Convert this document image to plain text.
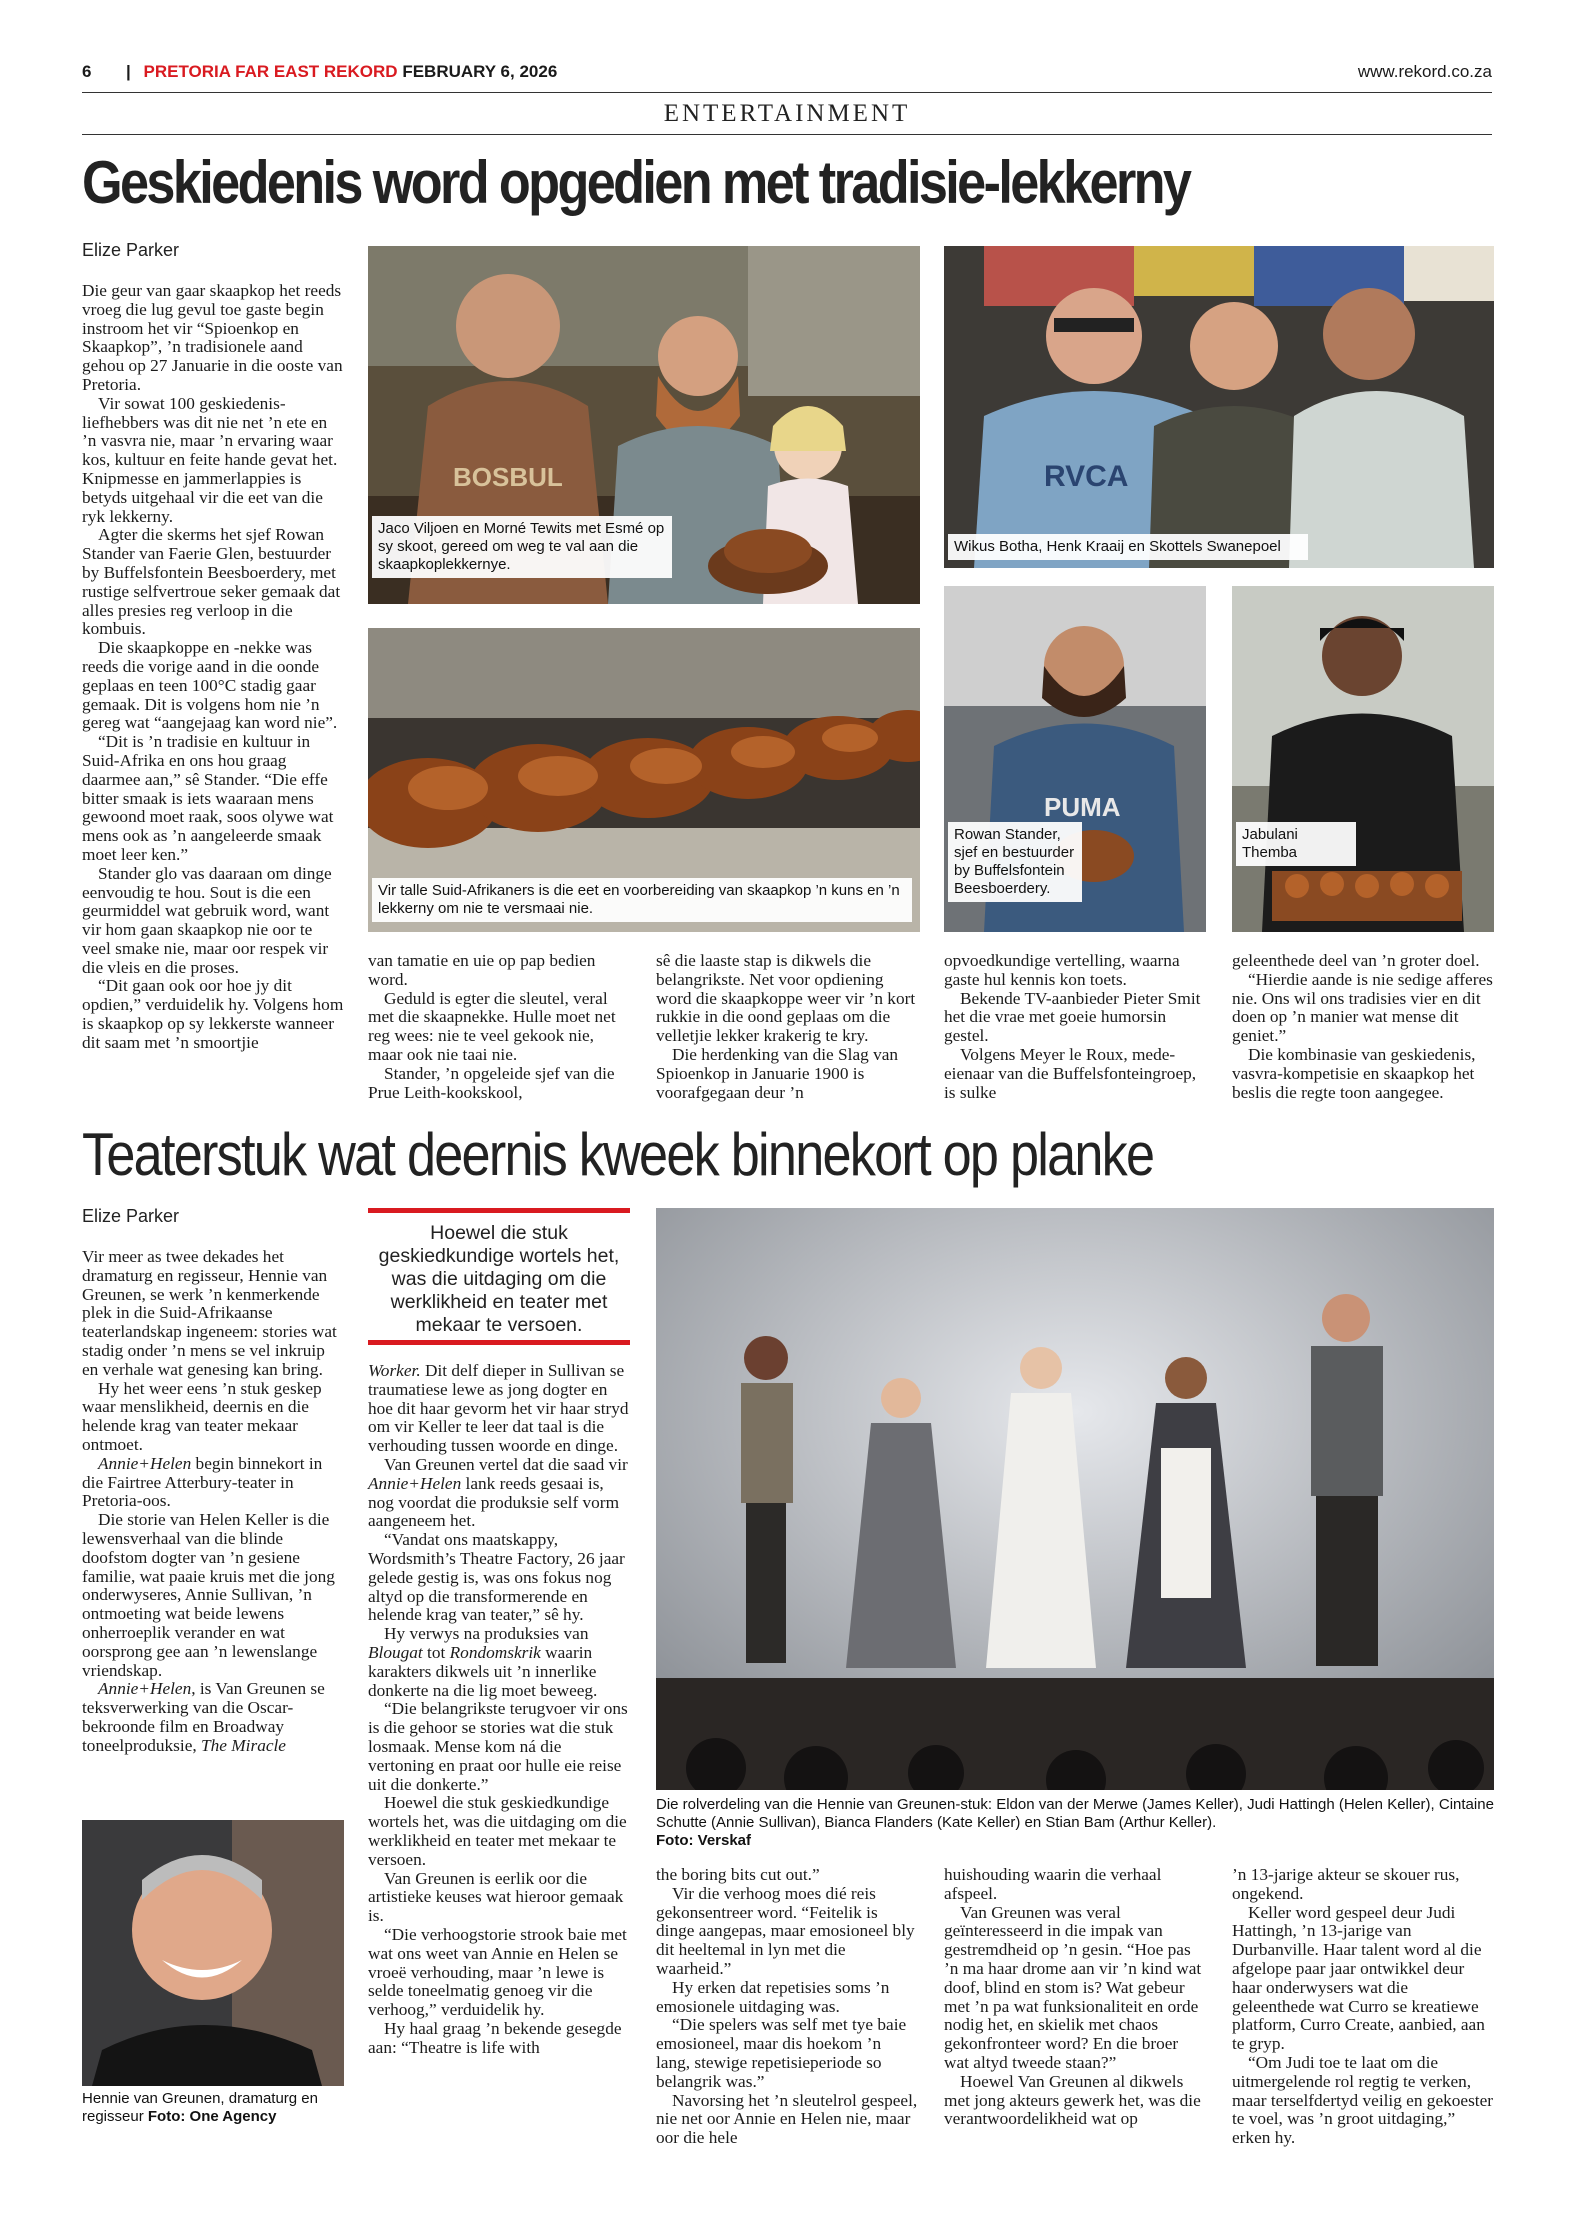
6 | PRETORIA FAR EAST REKORD FEBRUARY 6, 2026	www.rekord.co.za
ENTERTAINMENT
Geskiedenis word opgedien met tradisie-lekkerny
Elize Parker

Die geur van gaar skaapkop het reeds vroeg die lug gevul toe gaste begin instroom het vir “Spioenkop en Skaapkop”, ’n tradisionele aand gehou op 27 Januarie in die ooste van Pretoria.

Vir sowat 100 geskiedenis-liefhebbers was dit nie net ’n ete en ’n vasvra nie, maar ’n ervaring waar kos, kultuur en feite hande gevat het. Knipmesse en jammerlappies is betyds uitgehaal vir die eet van die ryk lekkerny.

Agter die skerms het sjef Rowan Stander van Faerie Glen, bestuurder by Buffelsfontein Beesboerdery, met rustige selfvertroue seker gemaak dat alles presies reg verloop in die kombuis.

Die skaapkoppe en -nekke was reeds die vorige aand in die oonde geplaas en teen 100°C stadig gaar gemaak. Dit is volgens hom nie ’n gereg wat “aangejaag kan word nie”.

“Dit is ’n tradisie en kultuur in Suid-Afrika en ons hou graag daarmee aan,” sê Stander. “Die effe bitter smaak is iets waaraan mens gewoond moet raak, soos olywe wat mens ook as ’n aangeleerde smaak moet leer ken.”

Stander glo vas daaraan om dinge eenvoudig te hou. Sout is die een geurmiddel wat gebruik word, want vir hom gaan skaapkop nie oor te veel smake nie, maar oor respek vir die vleis en die proses.

“Dit gaan ook oor hoe jy dit opdien,” verduidelik hy. Volgens hom is skaapkop op sy lekkerste wanneer dit saam met ’n smoortjie

van tamatie en uie op pap bedien word.

Geduld is egter die sleutel, veral met die skaapnekke. Hulle moet net reg wees: nie te veel gekook nie, maar ook nie taai nie.

Stander, ’n opgeleide sjef van die Prue Leith-kookskool,

sê die laaste stap is dikwels die belangrikste. Net voor opdiening word die skaapkoppe weer vir ’n kort rukkie in die oond geplaas om die velletjie lekker krakerig te kry.

Die herdenking van die Slag van Spioenkop in Januarie 1900 is voorafgegaan deur ’n

opvoedkundige vertelling, waarna gaste hul kennis kon toets.

Bekende TV-aanbieder Pieter Smit het die vrae met goeie humorsin gestel.

Volgens Meyer le Roux, mede-eienaar van die Buffelsfonteingroep, is sulke

geleenthede deel van ’n groter doel.

“Hierdie aande is nie sedige afferes nie. Ons wil ons tradisies vier en dit doen op ’n manier wat mense dit geniet.”

Die kombinasie van geskiedenis, vasvra-kompetisie en skaapkop het beslis die regte toon aangegee.

BOSBUL
Jaco Viljoen en Morné Tewits met Esmé op sy skoot, gereed om weg te val aan die skaapkoplekkernye.
RVCA
Wikus Botha, Henk Kraaij en Skottels Swanepoel
Vir talle Suid-Afrikaners is die eet en voorbereiding van skaapkop ’n kuns en ’n lekkerny om nie te versmaai nie.
PUMA
Rowan Stander, sjef en bestuurder by Buffelsfontein Beesboerdery.
Jabulani Themba
Teaterstuk wat deernis kweek binnekort op planke
Elize Parker

Vir meer as twee dekades het dramaturg en regisseur, Hennie van Greunen, se werk ’n kenmerkende plek in die Suid-Afrikaanse teaterlandskap ingeneem: stories wat stadig onder ’n mens se vel inkruip en verhale wat genesing kan bring.

Hy het weer eens ’n stuk geskep waar menslikheid, deernis en die helende krag van teater mekaar ontmoet.

Annie+Helen begin binnekort in die Fairtree Atterbury-teater in Pretoria-oos.

Die storie van Helen Keller is die lewensverhaal van die blinde doofstom dogter van ’n gesiene familie, wat paaie kruis met die jong onderwyseres, Annie Sullivan, ’n ontmoeting wat beide lewens onherroeplik verander en wat oorsprong gee aan ’n lewenslange vriendskap.

Annie+Helen, is Van Greunen se teksverwerking van die Oscar-bekroonde film en Broadway toneelproduksie, The Miracle

Hennie van Greunen, dramaturg en regisseur Foto: One Agency
Hoewel die stuk geskiedkundige wortels het, was die uitdaging om die werklikheid en teater met mekaar te versoen.

Worker. Dit delf dieper in Sullivan se traumatiese lewe as jong dogter en hoe dit haar gevorm het vir haar stryd om vir Keller te leer dat taal is die verhouding tussen woorde en dinge.

Van Greunen vertel dat die saad vir Annie+Helen lank reeds gesaai is, nog voordat die produksie self vorm aangeneem het.

“Vandat ons maatskappy, Wordsmith’s Theatre Factory, 26 jaar gelede gestig is, was ons fokus nog altyd op die transformerende en helende krag van teater,” sê hy.

Hy verwys na produksies van Blougat tot Rondomskrik waarin karakters dikwels uit ’n innerlike donkerte na die lig moet beweeg.

“Die belangrikste terugvoer vir ons is die gehoor se stories wat die stuk losmaak. Mense kom ná die vertoning en praat oor hulle eie reise uit die donkerte.”

Hoewel die stuk geskiedkundige wortels het, was die uitdaging om die werklikheid en teater met mekaar te versoen.

Van Greunen is eerlik oor die artistieke keuses wat hieroor gemaak is.

“Die verhoogstorie strook baie met wat ons weet van Annie en Helen se vroeë verhouding, maar ’n lewe is selde toneelmatig genoeg vir die verhoog,” verduidelik hy.

Hy haal graag ’n bekende gesegde aan: “Theatre is life with

Die rolverdeling van die Hennie van Greunen-stuk: Eldon van der Merwe (James Keller), Judi Hattingh (Helen Keller), Cintaine Schutte (Annie Sullivan), Bianca Flanders (Kate Keller) en Stian Bam (Arthur Keller).
Foto: Verskaf

the boring bits cut out.”

Vir die verhoog moes dié reis gekonsentreer word. “Feitelik is dinge aangepas, maar emosioneel bly dit heeltemal in lyn met die waarheid.”

Hy erken dat repetisies soms ’n emosionele uitdaging was.

“Die spelers was self met tye baie emosioneel, maar dis hoekom ’n lang, stewige repetisieperiode so belangrik was.”

Navorsing het ’n sleutelrol gespeel, nie net oor Annie en Helen nie, maar oor die hele

huishouding waarin die verhaal afspeel.

Van Greunen was veral geïnteresseerd in die impak van gestremdheid op ’n gesin. “Hoe pas ’n ma haar drome aan vir ’n kind wat doof, blind en stom is? Wat gebeur met ’n pa wat funksionaliteit en orde nodig het, en skielik met chaos gekonfronteer word? En die broer wat altyd tweede staan?”

Hoewel Van Greunen al dikwels met jong akteurs gewerk het, was die verantwoordelikheid wat op

’n 13-jarige akteur se skouer rus, ongekend.

Keller word gespeel deur Judi Hattingh, ’n 13-jarige van Durbanville. Haar talent word al die afgelope paar jaar ontwikkel deur haar onderwysers wat die geleenthede wat Curro se kreatiewe platform, Curro Create, aanbied, aan te gryp.

“Om Judi toe te laat om die uitmergelende rol regtig te verken, maar terselfdertyd veilig en gekoester te voel, was ’n groot uitdaging,” erken hy.
